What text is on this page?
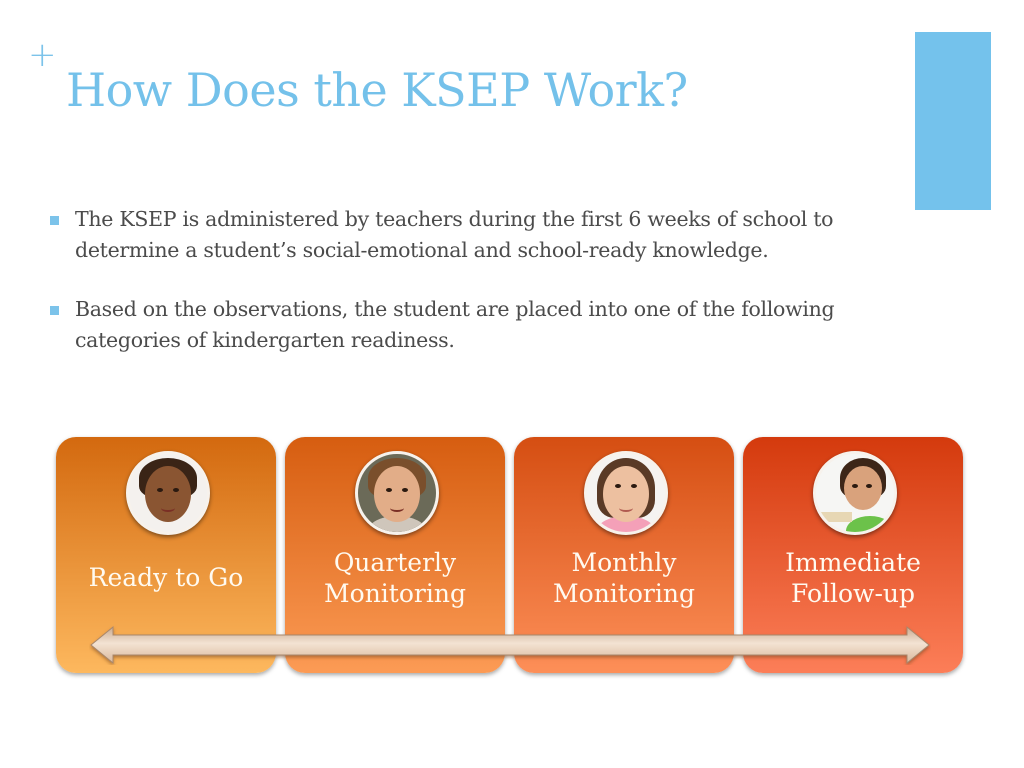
+
How Does the KSEP Work?
The KSEP is administered by teachers during the first 6 weeks of school to determine a student’s social-emotional and school-ready knowledge.
Based on the observations, the student are placed into one of the following categories of kindergarten readiness.
Ready to Go
Quarterly
Monitoring
Monthly
Monitoring
Immediate
Follow-up
